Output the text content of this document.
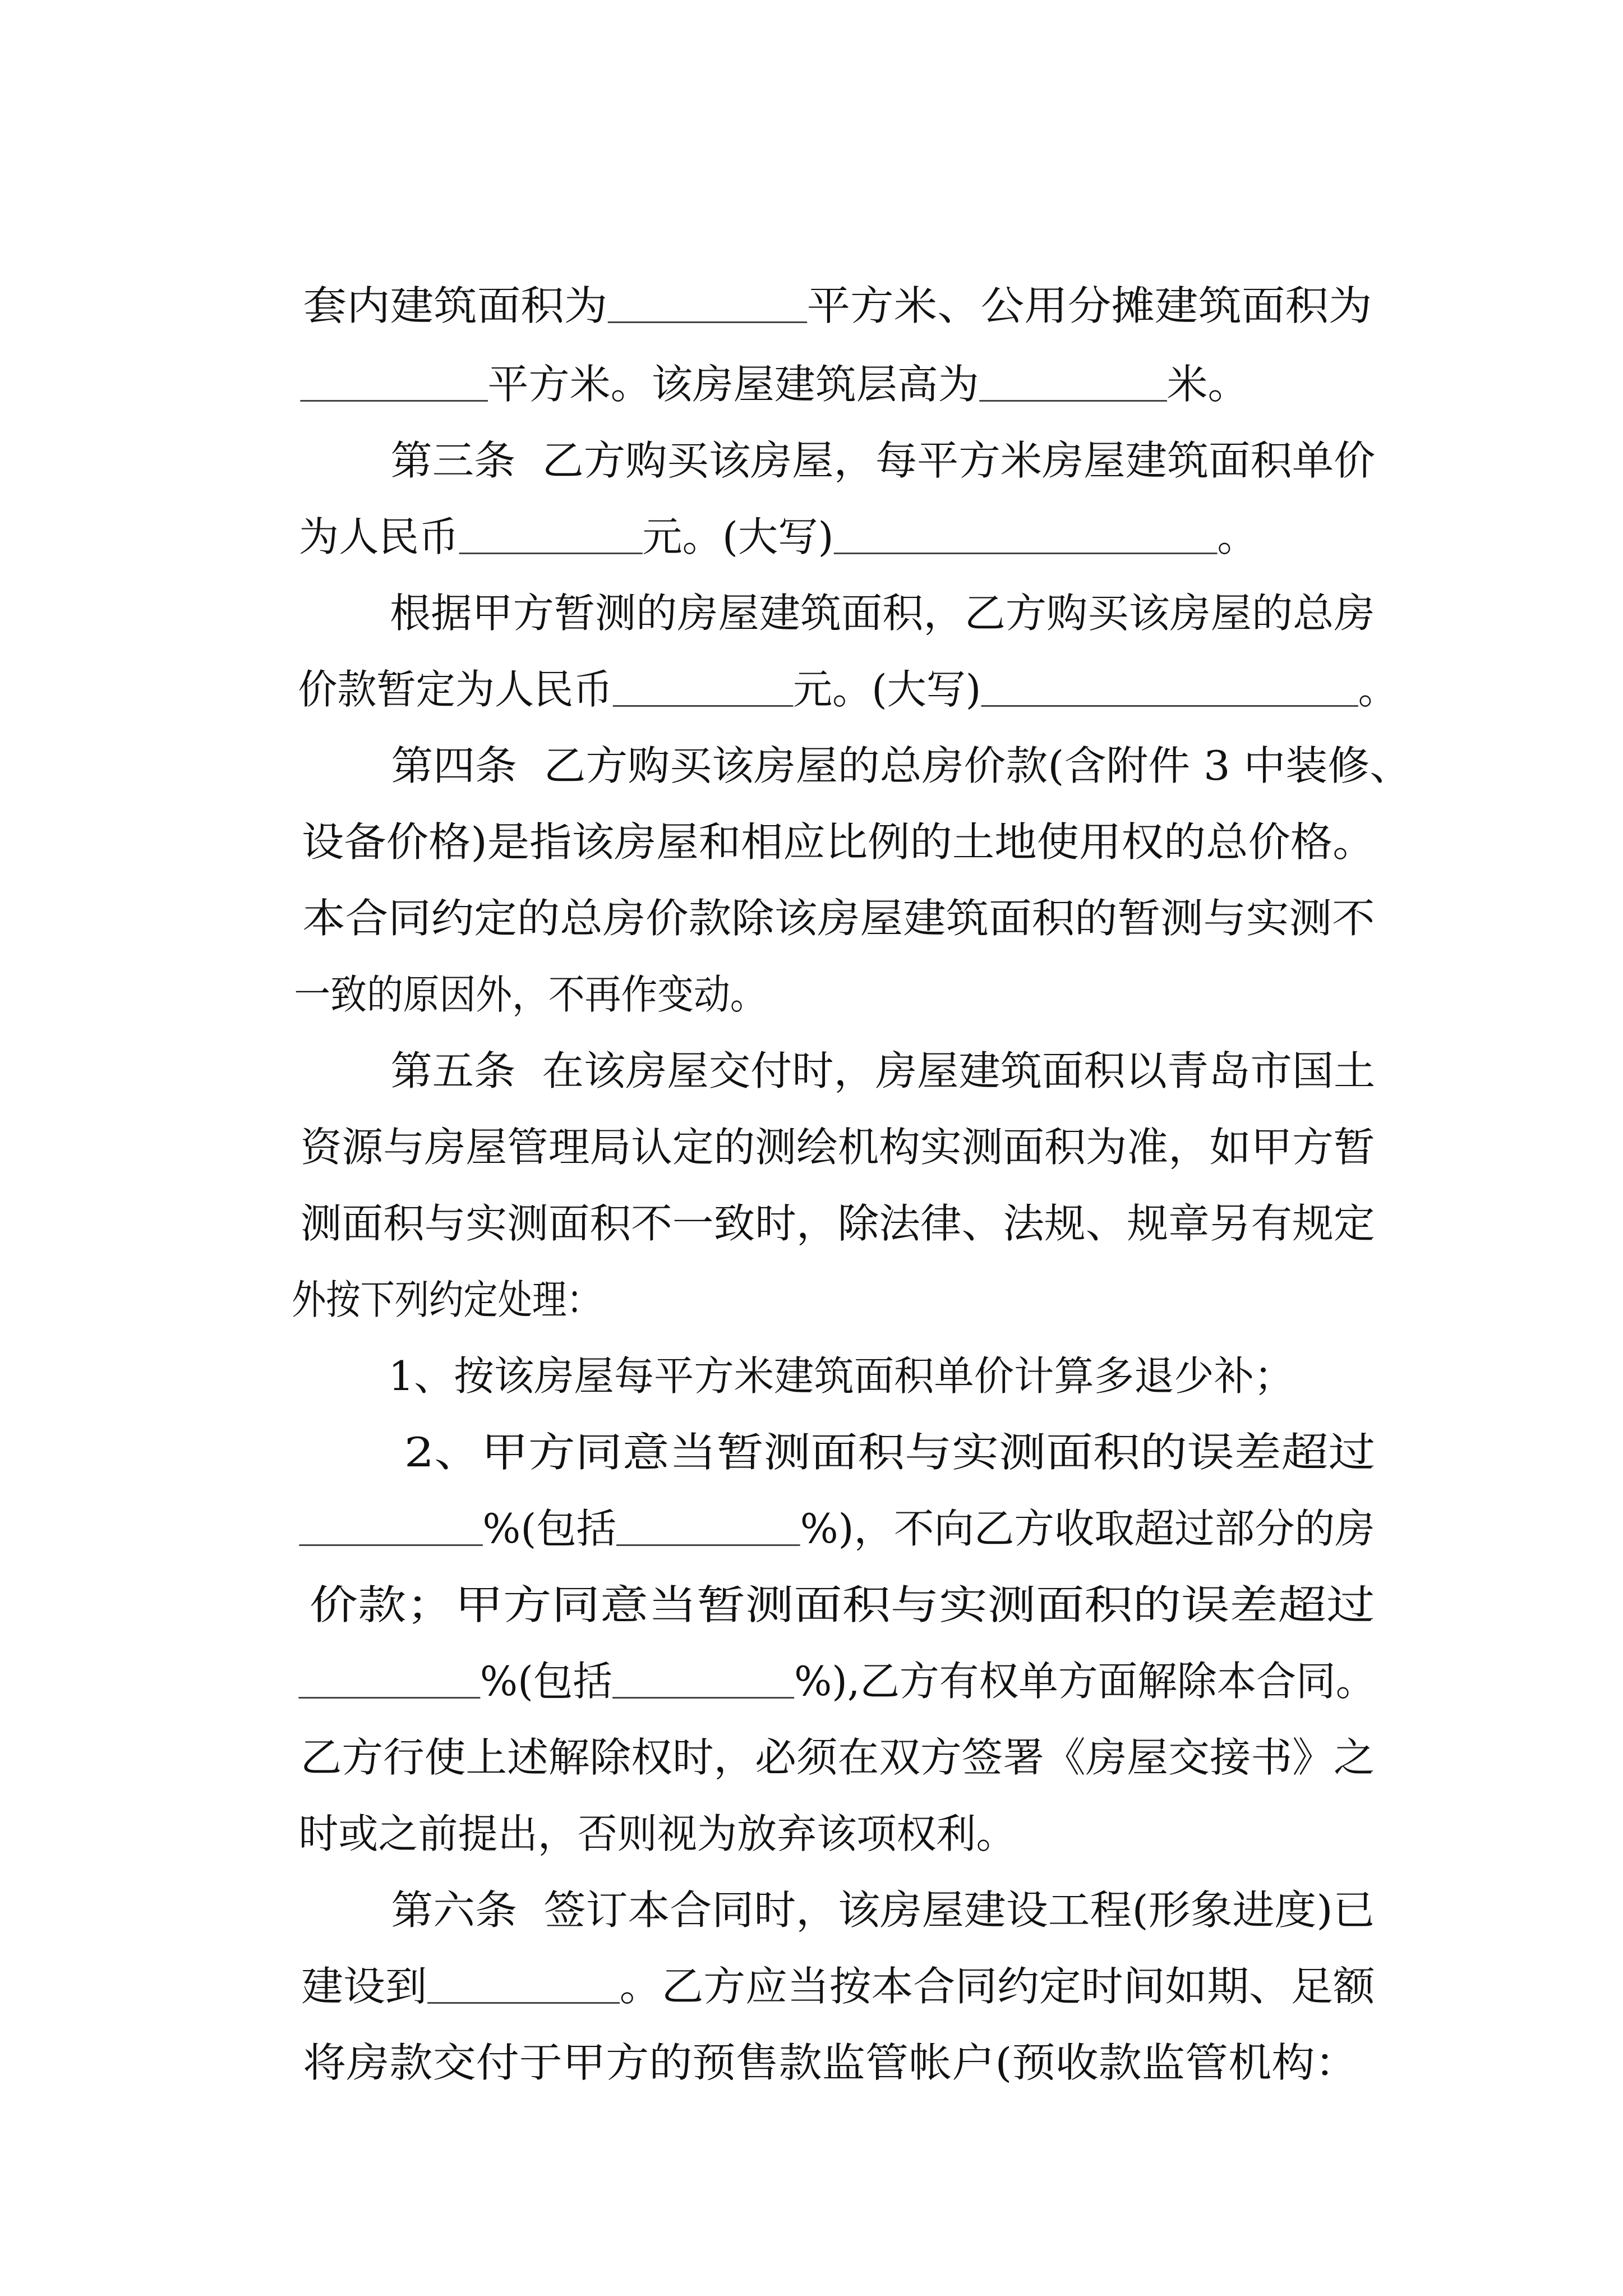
套内建筑面积为	平方米、公用分摊建筑面积为

平方米。该房屋建筑层高为	米。

第三条  乙方购买该房屋，每平方米房屋建筑面积单价

为人民币	元。(大写)	。

根据甲方暂测的房屋建筑面积，乙方购买该房屋的总房

价款暂定为人民币	元。(大写)	。

第四条  乙方购买该房屋的总房价款(含附件 3 中装修、

设备价格)是指该房屋和相应比例的土地使用权的总价格。

本合同约定的总房价款除该房屋建筑面积的暂测与实测不

一致的原因外，不再作变动。

第五条  在该房屋交付时，房屋建筑面积以青岛市国土

资源与房屋管理局认定的测绘机构实测面积为准，如甲方暂

测面积与实测面积不一致时，除法律、法规、规章另有规定

外按下列约定处理：

1、按该房屋每平方米建筑面积单价计算多退少补；

2、甲方同意当暂测面积与实测面积的误差超过

%(包括	%)，不向乙方收取超过部分的房

价款；甲方同意当暂测面积与实测面积的误差超过

%(包括	%),乙方有权单方面解除本合同。

乙方行使上述解除权时，必须在双方签署《房屋交接书》之

时或之前提出，否则视为放弃该项权利。

第六条  签订本合同时，该房屋建设工程(形象进度)已

建设到	。乙方应当按本合同约定时间如期、足额

将房款交付于甲方的预售款监管帐户(预收款监管机构：
